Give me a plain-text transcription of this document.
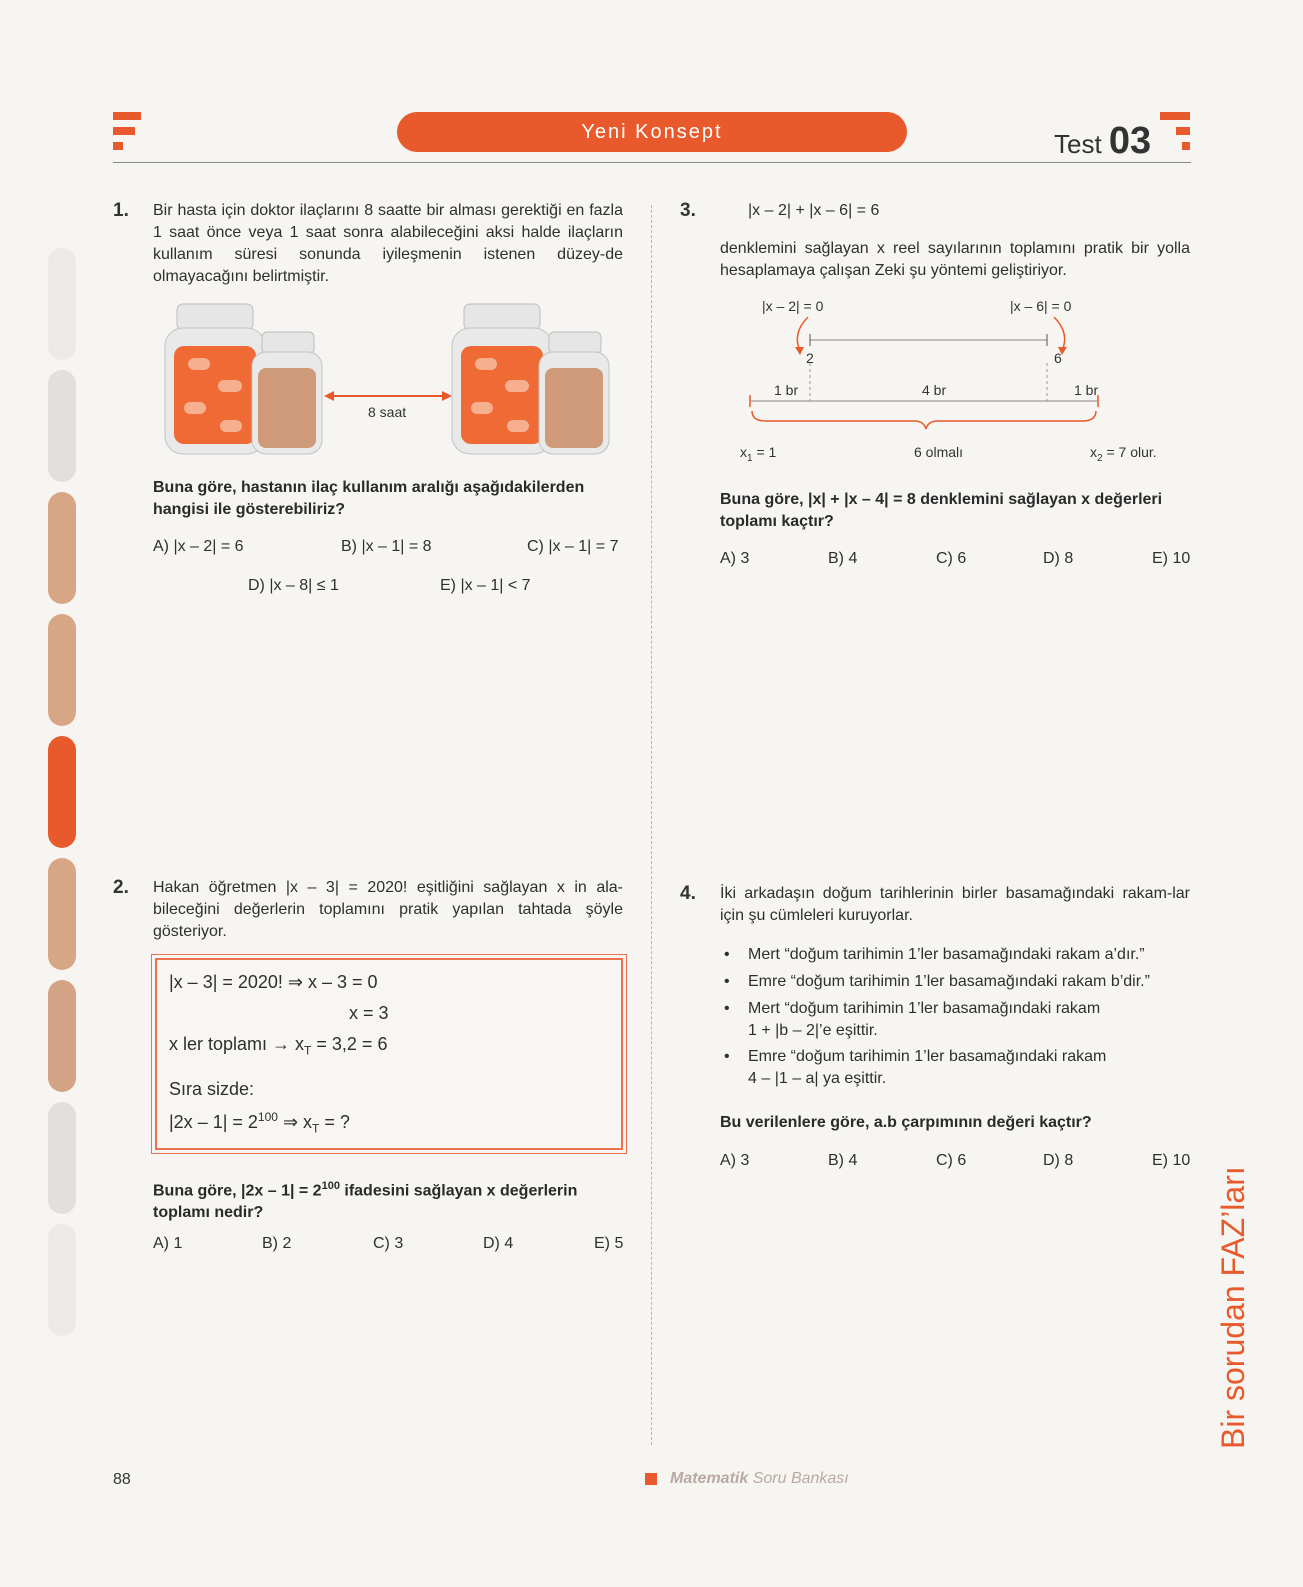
Yeni Konsept	Test 03
1. Bir hasta için doktor ilaçlarını 8 saatte bir alması gerektiği en fazla 1 saat önce veya 1 saat sonra alabileceğini aksi halde ilaçların kullanım süresi sonunda iyileşmenin istenen düzey-de olmayacağını belirtmiştir.
8 saat
Buna göre, hastanın ilaç kullanım aralığı aşağıdakilerden hangisi ile gösterebiliriz?
A) |x – 2| = 6	B) |x – 1| = 8	C) |x – 1| = 7
D) |x – 8| ≤ 1	E) |x – 1| < 7
2. Hakan öğretmen |x – 3| = 2020! eşitliğini sağlayan x in ala-bileceğini değerlerin toplamını pratik yapılan tahtada şöyle gösteriyor.
|x – 3| = 2020! ⇒ x – 3 = 0
x = 3
x ler toplamı → $x_T = 3,2 = 6$
Sıra sizde:
$|2x - 1| = 2^{100}$ ⇒ $x_T$ = ?
Buna göre, $|2x - 1| = 2^{100}$ ifadesini sağlayan x değerlerin toplamı nedir?
A) 1	B) 2	C) 3	D) 4	E) 5
3.	|x – 2| + |x – 6| = 6
denklemini sağlayan x reel sayılarının toplamını pratik bir yolla hesaplamaya çalışan Zeki şu yöntemi geliştiriyor.
|x – 2| = 0	|x – 6| = 0
2	6
1 br	4 br	1 br
$x_1 = 1$	6 olmalı	$x_2 = 7$ olur.
Buna göre, |x| + |x – 4| = 8 denklemini sağlayan x değerleri toplamı kaçtır?
A) 3	B) 4	C) 6	D) 8	E) 10
4. İki arkadaşın doğum tarihlerinin birler basamağındaki rakam-lar için şu cümleleri kuruyorlar.
• Mert “doğum tarihimin 1’ler basamağındaki rakam a’dır.”
• Emre “doğum tarihimin 1’ler basamağındaki rakam b’dir.”
• Mert “doğum tarihimin 1’ler basamağındaki rakam
1 + |b – 2|’e eşittir.
• Emre “doğum tarihimin 1’ler basamağındaki rakam
4 – |1 – a| ya eşittir.
Bu verilenlere göre, a.b çarpımının değeri kaçtır?
A) 3	B) 4	C) 6	D) 8	E) 10
Bir sorudan FAZ’ları
88	Matematik Soru Bankası
